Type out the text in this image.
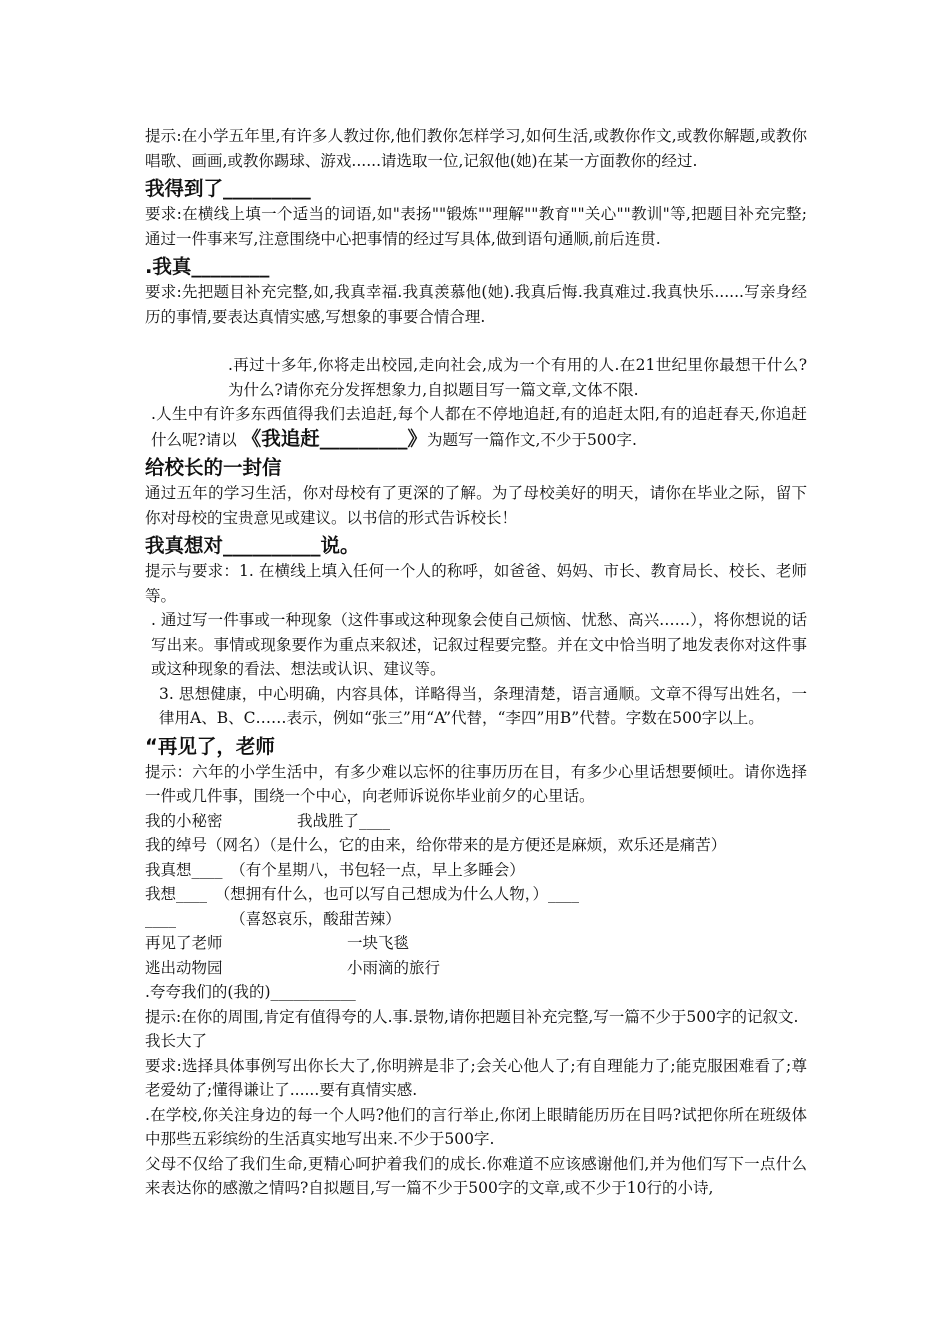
提示:在小学五年里,有许多人教过你,他们教你怎样学习,如何生活,或教你作文,或教你解题,或教你唱歌、画画,或教你踢球、游戏......请选取一位,记叙他(她)在某一方面教你的经过.

我得到了_________

要求:在横线上填一个适当的词语,如"表扬""锻炼""理解""教育""关心""教训"等,把题目补充完整;通过一件事来写,注意围绕中心把事情的经过写具体,做到语句通顺,前后连贯.

.我真________

要求:先把题目补充完整,如,我真幸福.我真羡慕他(她).我真后悔.我真难过.我真快乐......写亲身经历的事情,要表达真情实感,写想象的事要合情合理.

.再过十多年,你将走出校园,走向社会,成为一个有用的人.在21世纪里你最想干什么?为什么?请你充分发挥想象力,自拟题目写一篇文章,文体不限.

.人生中有许多东西值得我们去追赶,每个人都在不停地追赶,有的追赶太阳,有的追赶春天,你追赶什么呢?请以 《我追赶_________》为题写一篇作文,不少于500字.

给校长的一封信

通过五年的学习生活，你对母校有了更深的了解。为了母校美好的明天，请你在毕业之际，留下你对母校的宝贵意见或建议。以书信的形式告诉校长！

我真想对__________说。

提示与要求：1. 在横线上填入任何一个人的称呼，如爸爸、妈妈、市长、教育局长、校长、老师等。

. 通过写一件事或一种现象（这件事或这种现象会使自己烦恼、忧愁、高兴……），将你想说的话写出来。事情或现象要作为重点来叙述，记叙过程要完整。并在文中恰当明了地发表你对这件事或这种现象的看法、想法或认识、建议等。

3. 思想健康，中心明确，内容具体，详略得当，条理清楚，语言通顺。文章不得写出姓名，一律用A、B、C……表示，例如“张三”用“A”代替，“李四”用B”代替。字数在500字以上。

“再见了，老师

提示：六年的小学生活中，有多少难以忘怀的往事历历在目，有多少心里话想要倾吐。请你选择一件或几件事，围绕一个中心，向老师诉说你毕业前夕的心里话。

我的小秘密	我战胜了____

我的绰号（网名）（是什么，它的由来，给你带来的是方便还是麻烦，欢乐还是痛苦）

我真想____　（有个星期八，书包轻一点，早上多睡会）

我想____　（想拥有什么，也可以写自己想成为什么人物，）____

____　　　　（喜怒哀乐，酸甜苦辣）

再见了老师	一块飞毯

逃出动物园	小雨滴的旅行

.夸夸我们的(我的)___________

提示:在你的周围,肯定有值得夸的人.事.景物,请你把题目补充完整,写一篇不少于500字的记叙文.

我长大了

要求:选择具体事例写出你长大了,你明辨是非了;会关心他人了;有自理能力了;能克服困难看了;尊老爱幼了;懂得谦让了......要有真情实感.

.在学校,你关注身边的每一个人吗?他们的言行举止,你闭上眼睛能历历在目吗?试把你所在班级体中那些五彩缤纷的生活真实地写出来.不少于500字.

父母不仅给了我们生命,更精心呵护着我们的成长.你难道不应该感谢他们,并为他们写下一点什么来表达你的感激之情吗?自拟题目,写一篇不少于500字的文章,或不少于10行的小诗,
